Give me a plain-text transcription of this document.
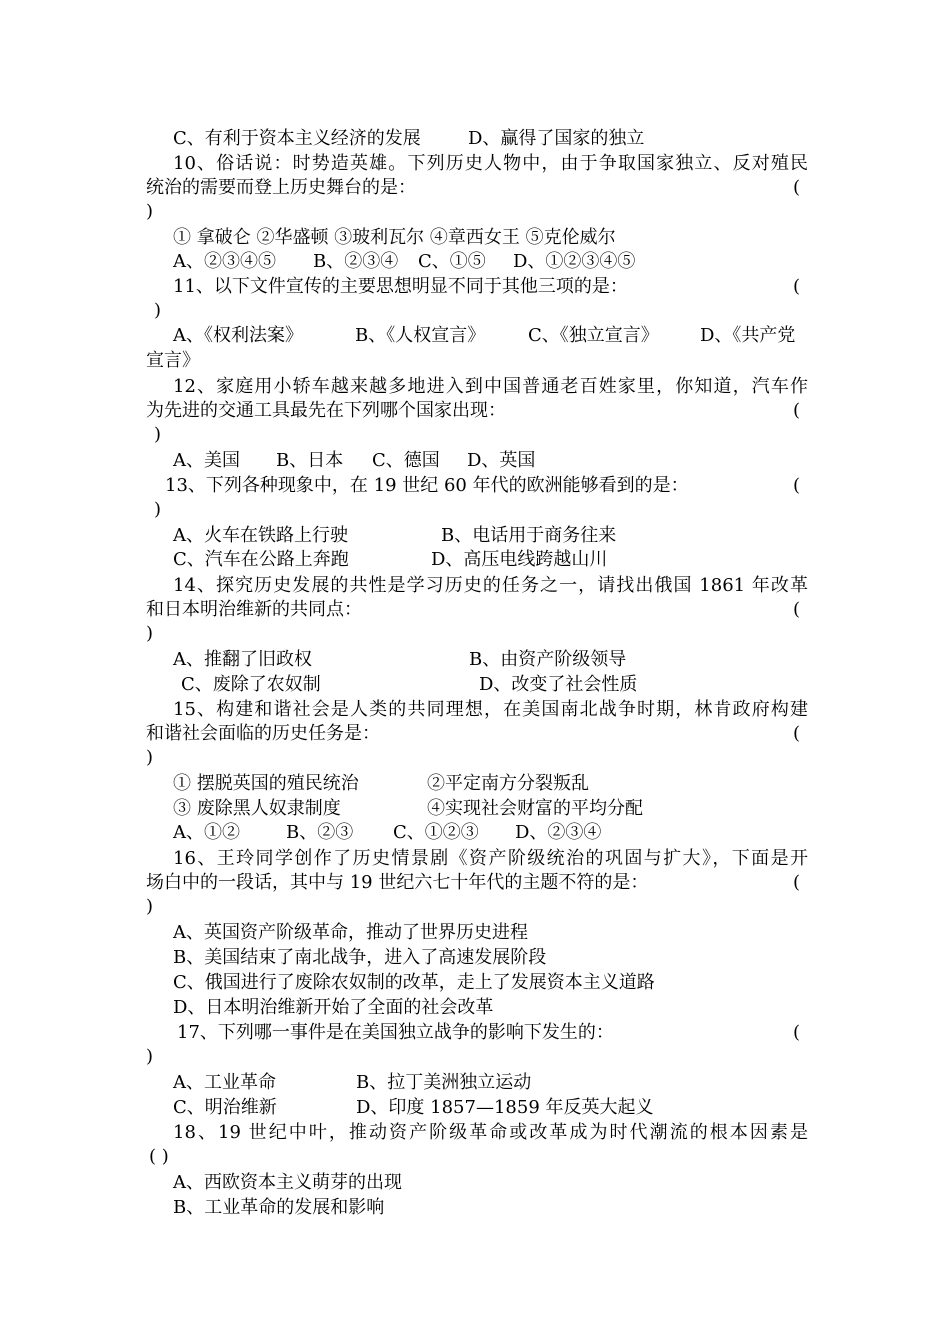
C、有利于资本主义经济的发展	D、赢得了国家的独立
10、俗话说：时势造英雄。下列历史人物中，由于争取国家独立、反对殖民
统治的需要而登上历史舞台的是：	(
)
① 拿破仑 ②华盛顿 ③玻利瓦尔 ④章西女王 ⑤克伦威尔
A、②③④⑤ B、②③④ C、①⑤ D、①②③④⑤
11、以下文件宣传的主要思想明显不同于其他三项的是：	(
)
A、《权利法案》	B、《人权宣言》 C、《独立宣言》 D、《共产党
宣言》
12、家庭用小轿车越来越多地进入到中国普通老百姓家里，你知道，汽车作
为先进的交通工具最先在下列哪个国家出现：	(
)
A、美国 B、日本 C、德国 D、英国
13、下列各种现象中，在 19 世纪 60 年代的欧洲能够看到的是：	(
)
A、火车在铁路上行驶	B、电话用于商务往来
C、汽车在公路上奔跑	D、高压电线跨越山川
14、探究历史发展的共性是学习历史的任务之一，请找出俄国 1861 年改革
和日本明治维新的共同点：	(
)
A、推翻了旧政权	B、由资产阶级领导
C、废除了农奴制	D、改变了社会性质
15、构建和谐社会是人类的共同理想，在美国南北战争时期，林肯政府构建
和谐社会面临的历史任务是：	(
)
① 摆脱英国的殖民统治	②平定南方分裂叛乱
③ 废除黑人奴隶制度	④实现社会财富的平均分配
A、①②	B、②③ C、①②③ D、②③④
16、王玲同学创作了历史情景剧《资产阶级统治的巩固与扩大》，下面是开
场白中的一段话，其中与 19 世纪六七十年代的主题不符的是：	(
)
A、英国资产阶级革命，推动了世界历史进程
B、美国结束了南北战争，进入了高速发展阶段
C、俄国进行了废除农奴制的改革，走上了发展资本主义道路
D、日本明治维新开始了全面的社会改革
17、下列哪一事件是在美国独立战争的影响下发生的：	(
)
A、工业革命	B、拉丁美洲独立运动
C、明治维新	D、印度 1857—1859 年反英大起义
18、19 世纪中叶，推动资产阶级革命或改革成为时代潮流的根本因素是
( )
A、西欧资本主义萌芽的出现
B、工业革命的发展和影响
